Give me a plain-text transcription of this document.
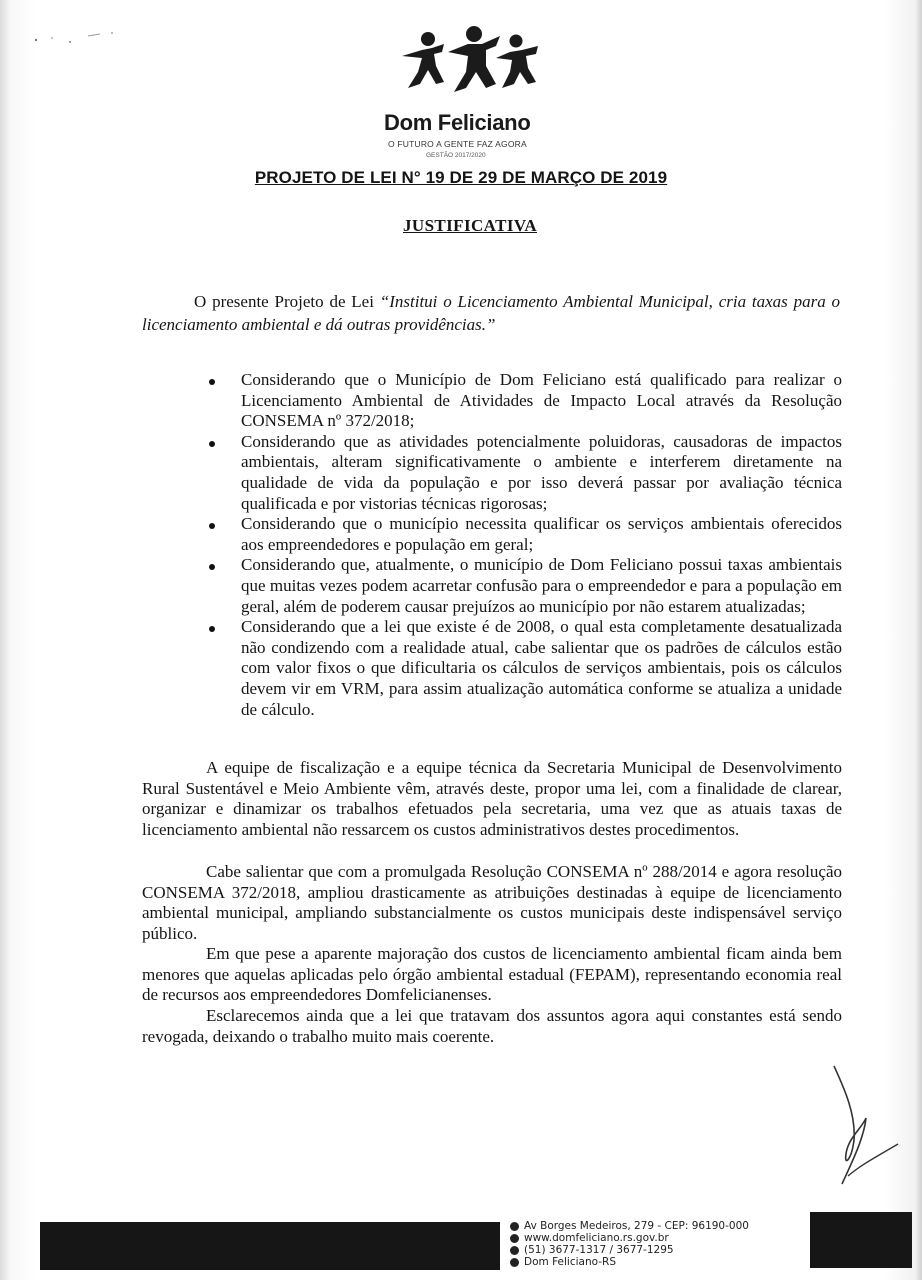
Dom Feliciano
O FUTURO A GENTE FAZ AGORA
GESTÃO 2017/2020
PROJETO DE LEI N° 19 DE 29 DE MARÇO DE 2019
JUSTIFICATIVA
O presente Projeto de Lei “Institui o Licenciamento Ambiental Municipal, cria taxas para o licenciamento ambiental e dá outras providências.”
Considerando que o Município de Dom Feliciano está qualificado para realizar o Licenciamento Ambiental de Atividades de Impacto Local através da Resolução CONSEMA nº 372/2018;
Considerando que as atividades potencialmente poluidoras, causadoras de impactos ambientais, alteram significativamente o ambiente e interferem diretamente na qualidade de vida da população e por isso deverá passar por avaliação técnica qualificada e por vistorias técnicas rigorosas;
Considerando que o município necessita qualificar os serviços ambientais oferecidos aos empreendedores e população em geral;
Considerando que, atualmente, o município de Dom Feliciano possui taxas ambientais que muitas vezes podem acarretar confusão para o empreendedor e para a população em geral, além de poderem causar prejuízos ao município por não estarem atualizadas;
Considerando que a lei que existe é de 2008, o qual esta completamente desatualizada não condizendo com a realidade atual, cabe salientar que os padrões de cálculos estão com valor fixos o que dificultaria os cálculos de serviços ambientais, pois os cálculos devem vir em VRM, para assim atualização automática conforme se atualiza a unidade de cálculo.
A equipe de fiscalização e a equipe técnica da Secretaria Municipal de Desenvolvimento Rural Sustentável e Meio Ambiente vêm, através deste, propor uma lei, com a finalidade de clarear, organizar e dinamizar os trabalhos efetuados pela secretaria, uma vez que as atuais taxas de licenciamento ambiental não ressarcem os custos administrativos destes procedimentos.
Cabe salientar que com a promulgada Resolução CONSEMA nº 288/2014 e agora resolução CONSEMA 372/2018, ampliou drasticamente as atribuições destinadas à equipe de licenciamento ambiental municipal, ampliando substancialmente os custos municipais deste indispensável serviço público.
Em que pese a aparente majoração dos custos de licenciamento ambiental ficam ainda bem menores que aquelas aplicadas pelo órgão ambiental estadual (FEPAM), representando economia real de recursos aos empreendedores Domfelicianenses.
Esclarecemos ainda que a lei que tratavam dos assuntos agora aqui constantes está sendo revogada, deixando o trabalho muito mais coerente.
Av Borges Medeiros, 279 - CEP: 96190-000
www.domfeliciano.rs.gov.br
(51) 3677-1317 / 3677-1295
Dom Feliciano-RS
